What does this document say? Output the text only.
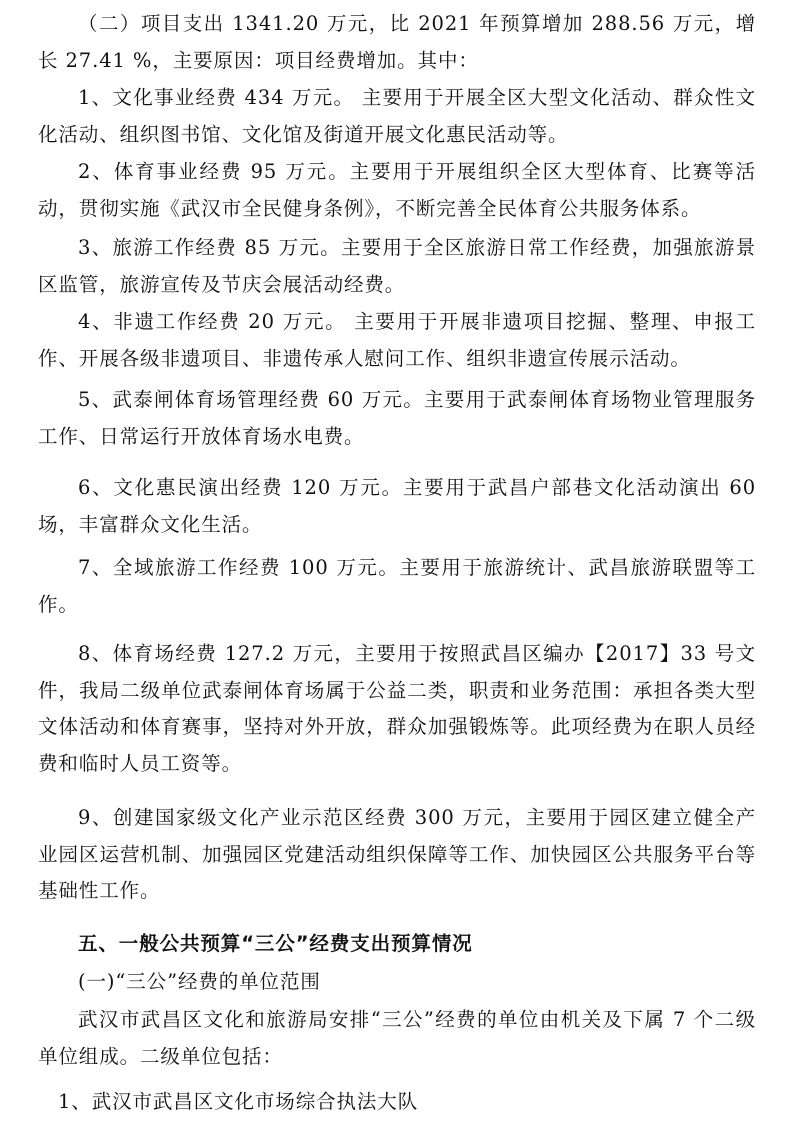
（二）项目支出 1341.20 万元，比 2021 年预算增加 288.56 万元，增长 27.41 %，主要原因：项目经费增加。其中：

1、文化事业经费 434 万元。 主要用于开展全区大型文化活动、群众性文化活动、组织图书馆、文化馆及街道开展文化惠民活动等。

2、体育事业经费 95 万元。主要用于开展组织全区大型体育、比赛等活动，贯彻实施《武汉市全民健身条例》，不断完善全民体育公共服务体系。

3、旅游工作经费 85 万元。主要用于全区旅游日常工作经费，加强旅游景区监管，旅游宣传及节庆会展活动经费。

4、非遗工作经费 20 万元。 主要用于开展非遗项目挖掘、整理、申报工作、开展各级非遗项目、非遗传承人慰问工作、组织非遗宣传展示活动。

5、武泰闸体育场管理经费 60 万元。主要用于武泰闸体育场物业管理服务工作、日常运行开放体育场水电费。

6、文化惠民演出经费 120 万元。主要用于武昌户部巷文化活动演出 60 场，丰富群众文化生活。

7、全域旅游工作经费 100 万元。主要用于旅游统计、武昌旅游联盟等工作。

8、体育场经费 127.2 万元，主要用于按照武昌区编办【2017】33 号文件，我局二级单位武泰闸体育场属于公益二类，职责和业务范围：承担各类大型文体活动和体育赛事，坚持对外开放，群众加强锻炼等。此项经费为在职人员经费和临时人员工资等。

9、创建国家级文化产业示范区经费 300 万元，主要用于园区建立健全产业园区运营机制、加强园区党建活动组织保障等工作、加快园区公共服务平台等基础性工作。

五、一般公共预算“三公”经费支出预算情况

(一)“三公”经费的单位范围

武汉市武昌区文化和旅游局安排“三公”经费的单位由机关及下属 7 个二级单位组成。二级单位包括：

1、武汉市武昌区文化市场综合执法大队
